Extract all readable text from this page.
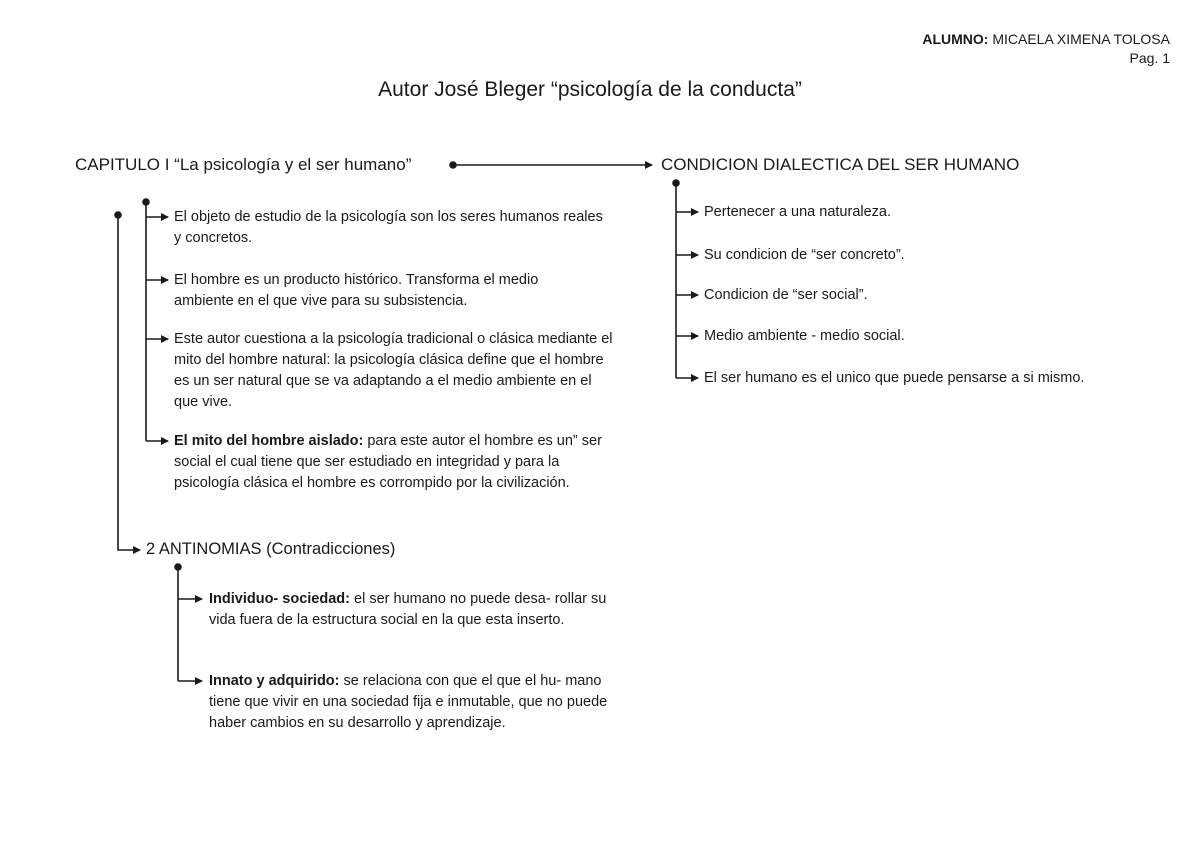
ALUMNO: MICAELA XIMENA TOLOSA
Pag. 1
Autor José Bleger “psicología de la conducta”
CAPITULO I “La psicología y el ser humano”
El objeto de estudio de la psicología son los seres humanos reales y concretos.
El hombre es un producto histórico. Transforma el medio ambiente en el que vive para su subsistencia.
Este autor cuestiona a la psicología tradicional o clásica mediante el mito del hombre natural: la psicología clásica define que el hombre es un ser natural que se va adaptando a el medio ambiente en el que vive.
El mito del hombre aislado: para este autor el hombre es un” ser social el cual tiene que ser estudiado en integridad y para la psicología clásica el hombre es corrompido por la civilización.
2 ANTINOMIAS (Contradicciones)
Individuo- sociedad: el ser humano no puede desa- rollar su vida fuera de la estructura social en la que esta inserto.
Innato y adquirido: se relaciona con que el que el hu- mano tiene que vivir en una sociedad fija e inmutable, que no puede haber cambios en su desarrollo y aprendizaje.
CONDICION DIALECTICA DEL SER HUMANO
Pertenecer a una naturaleza.
Su condicion de “ser concreto”.
Condicion de “ser social”.
Medio ambiente - medio social.
El ser humano es el unico que puede pensarse a si mismo.
